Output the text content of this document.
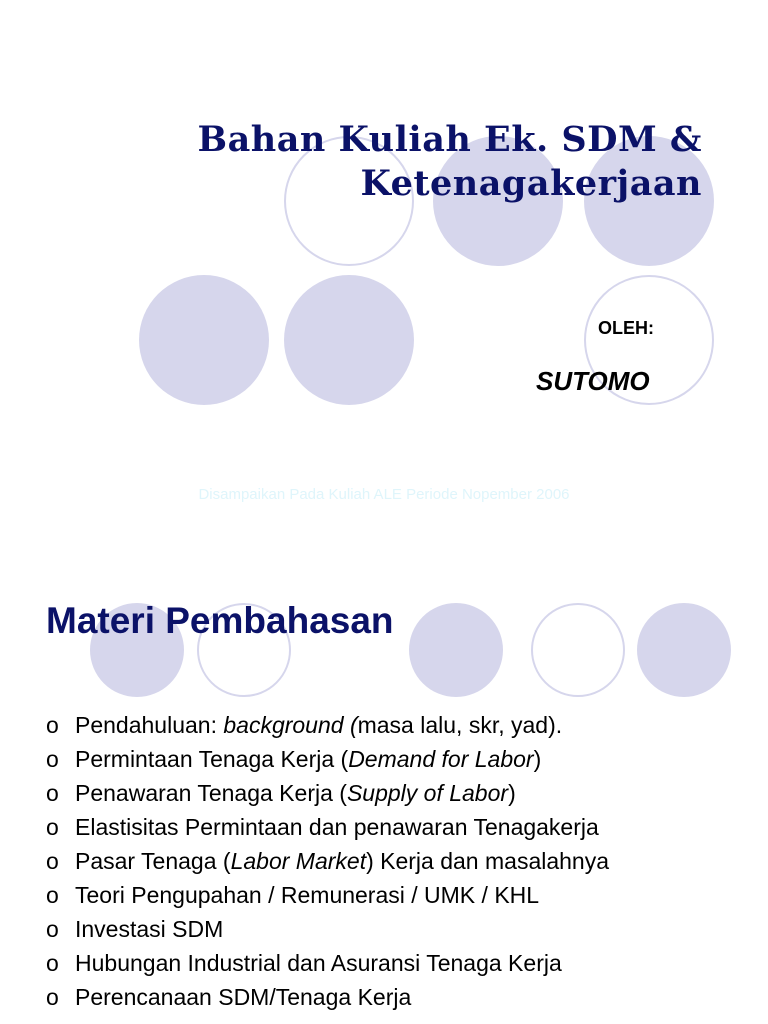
Bahan Kuliah Ek. SDM &
Ketenagakerjaan
OLEH:
SUTOMO
Disampaikan Pada Kuliah ALE Periode Nopember 2006
Materi Pembahasan
o Pendahuluan: background (masa lalu, skr, yad).
o Permintaan Tenaga Kerja (Demand for Labor)
o Penawaran Tenaga Kerja (Supply of Labor)
o Elastisitas Permintaan dan penawaran Tenagakerja
o Pasar Tenaga (Labor Market) Kerja dan masalahnya
o Teori Pengupahan / Remunerasi / UMK / KHL
o Investasi SDM
o Hubungan Industrial dan Asuransi Tenaga Kerja
o Perencanaan SDM/Tenaga Kerja
